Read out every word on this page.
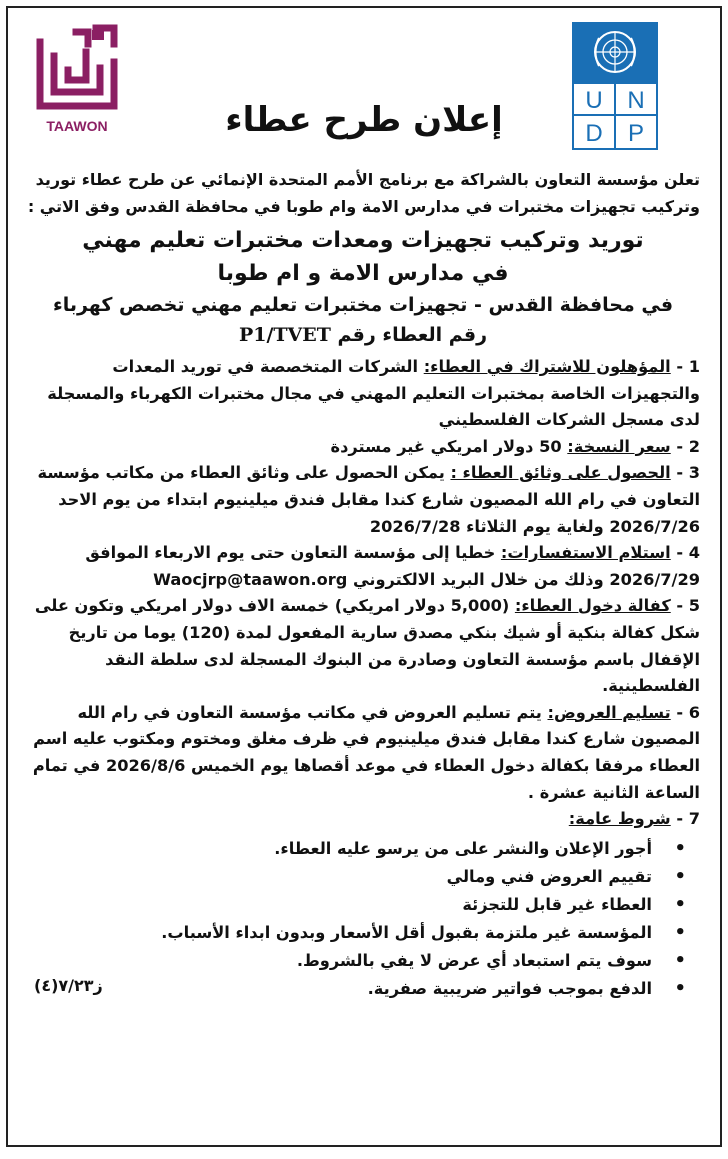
U N
D P
TAAWON	إعلان طرح عطاء

تعلن مؤسسة التعاون بالشراكة مع برنامج الأمم المتحدة الإنمائي عن طرح عطاء توريد
وتركيب تجهيزات مختبرات في مدارس الامة وام طوبا في محافظة القدس وفق الاتي :

توريد وتركيب تجهيزات ومعدات مختبرات تعليم مهني
في مدارس الامة و ام طوبا

في محافظة القدس - تجهيزات مختبرات تعليم مهني تخصص كهرباء

رقم العطاء رقم P1/TVET

1 - المؤهلون للاشتراك في العطاء: الشركات المتخصصة في توريد المعدات والتجهيزات الخاصة بمختبرات التعليم المهني في مجال مختبرات الكهرباء والمسجلة لدى مسجل الشركات الفلسطيني

2 - سعر النسخة: 50 دولار امريكي غير مستردة

3 - الحصول على وثائق العطاء : يمكن الحصول على وثائق العطاء من مكاتب مؤسسة التعاون في رام الله المصيون شارع كندا مقابل فندق ميلينيوم ابتداء من يوم الاحد 2026/7/26 ولغاية يوم الثلاثاء 2026/7/28

4 - استلام الاستفسارات: خطيا إلى مؤسسة التعاون حتى يوم الاربعاء الموافق 2026/7/29 وذلك من خلال البريد الالكتروني Waocjrp@taawon.org

5 - كفالة دخول العطاء: (5,000 دولار امريكي) خمسة الاف دولار امريكي وتكون على شكل كفالة بنكية أو شيك بنكي مصدق سارية المفعول لمدة (120) يوما من تاريخ الإقفال باسم مؤسسة التعاون وصادرة من البنوك المسجلة لدى سلطة النقد الفلسطينية.

6 - تسليم العروض: يتم تسليم العروض في مكاتب مؤسسة التعاون في رام الله المصيون شارع كندا مقابل فندق ميلينيوم في ظرف مغلق ومختوم ومكتوب عليه اسم العطاء مرفقا بكفالة دخول العطاء في موعد أقصاها يوم الخميس 2026/8/6 في تمام الساعة الثانية عشرة .

7 - شروط عامة:

• أجور الإعلان والنشر على من يرسو عليه العطاء.
• تقييم العروض فني ومالي
• العطاء غير قابل للتجزئة
• المؤسسة غير ملتزمة بقبول أقل الأسعار وبدون ابداء الأسباب.
• سوف يتم استبعاد أي عرض لا يفي بالشروط.
• الدفع بموجب فواتير ضريبية صفرية.
ز٧/٢٣(٤)
